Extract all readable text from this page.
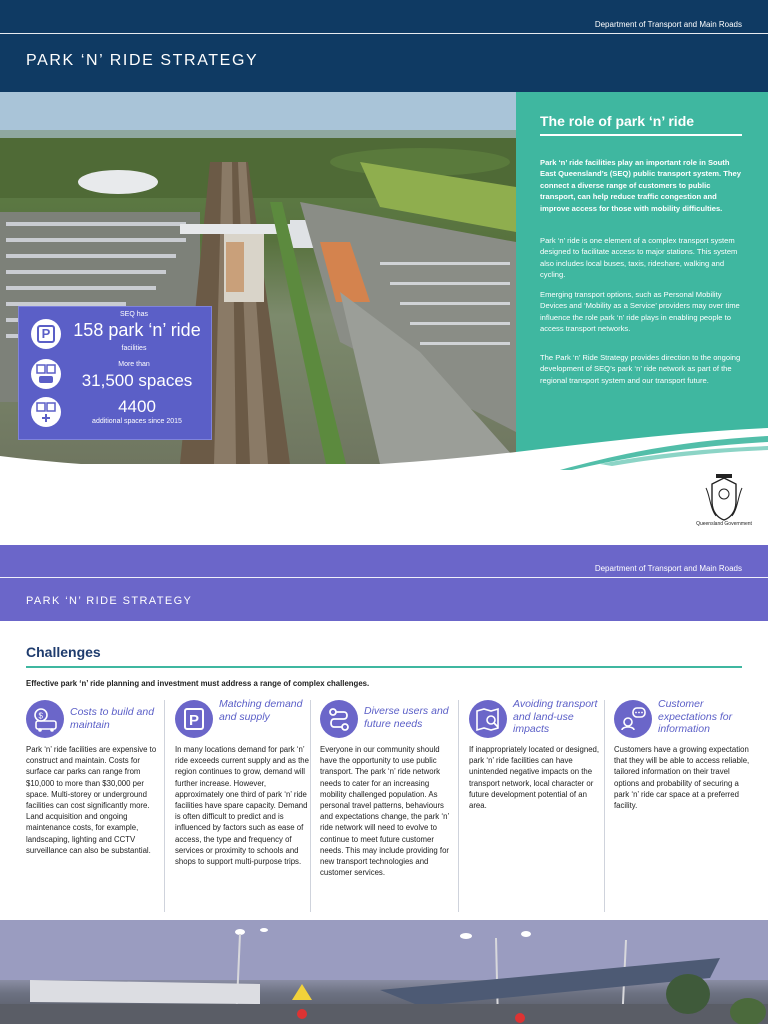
Department of Transport and Main Roads
PARK ‘N’ RIDE STRATEGY
SEQ has
P	158 park ‘n’ ride
facilities
More than
31,500 spaces
4400
additional spaces since 2015
The role of park ‘n’ ride
Park ‘n’ ride facilities play an important role in South East Queensland’s (SEQ) public transport system. They connect a diverse range of customers to public transport, can help reduce traffic congestion and improve access for those with mobility difficulties.
Park ‘n’ ride is one element of a complex transport system designed to facilitate access to major stations. This system also includes local buses, taxis, rideshare, walking and cycling.
Emerging transport options, such as Personal Mobility Devices and ‘Mobility as a Service’ providers may over time influence the role park ‘n’ ride plays in enabling people to access transport networks.
The Park ‘n’ Ride Strategy provides direction to the ongoing development of SEQ’s park ‘n’ ride network as part of the regional transport system and our transport future.
Queensland Government
Department of Transport and Main Roads
PARK ‘N’ RIDE STRATEGY
Challenges
Effective park ‘n’ ride planning and investment must address a range of complex challenges.
$	Costs to build and maintain
Park ‘n’ ride facilities are expensive to construct and maintain. Costs for surface car parks can range from $10,000 to more than $30,000 per space. Multi-storey or underground facilities can cost significantly more. Land acquisition and ongoing maintenance costs, for example, landscaping, lighting and CCTV surveillance can also be substantial.
P
Matching demand and supply
In many locations demand for park ‘n’ ride exceeds current supply and as the region continues to grow, demand will further increase. However, approximately one third of park ‘n’ ride facilities have spare capacity. Demand is often difficult to predict and is influenced by factors such as ease of access, the type and frequency of services or proximity to schools and shops to support multi-purpose trips.
Diverse users and future needs
Everyone in our community should have the opportunity to use public transport. The park ‘n’ ride network needs to cater for an increasing mobility challenged population. As personal travel patterns, behaviours and expectations change, the park ‘n’ ride network will need to evolve to continue to meet future customer needs. This may include providing for new transport technologies and customer services.
Avoiding transport and land-use impacts
If inappropriately located or designed, park ‘n’ ride facilities can have unintended negative impacts on the transport network, local character or future development potential of an area.
Customer expectations for information
Customers have a growing expectation that they will be able to access reliable, tailored information on their travel options and probability of securing a park ‘n’ ride car space at a preferred facility.
